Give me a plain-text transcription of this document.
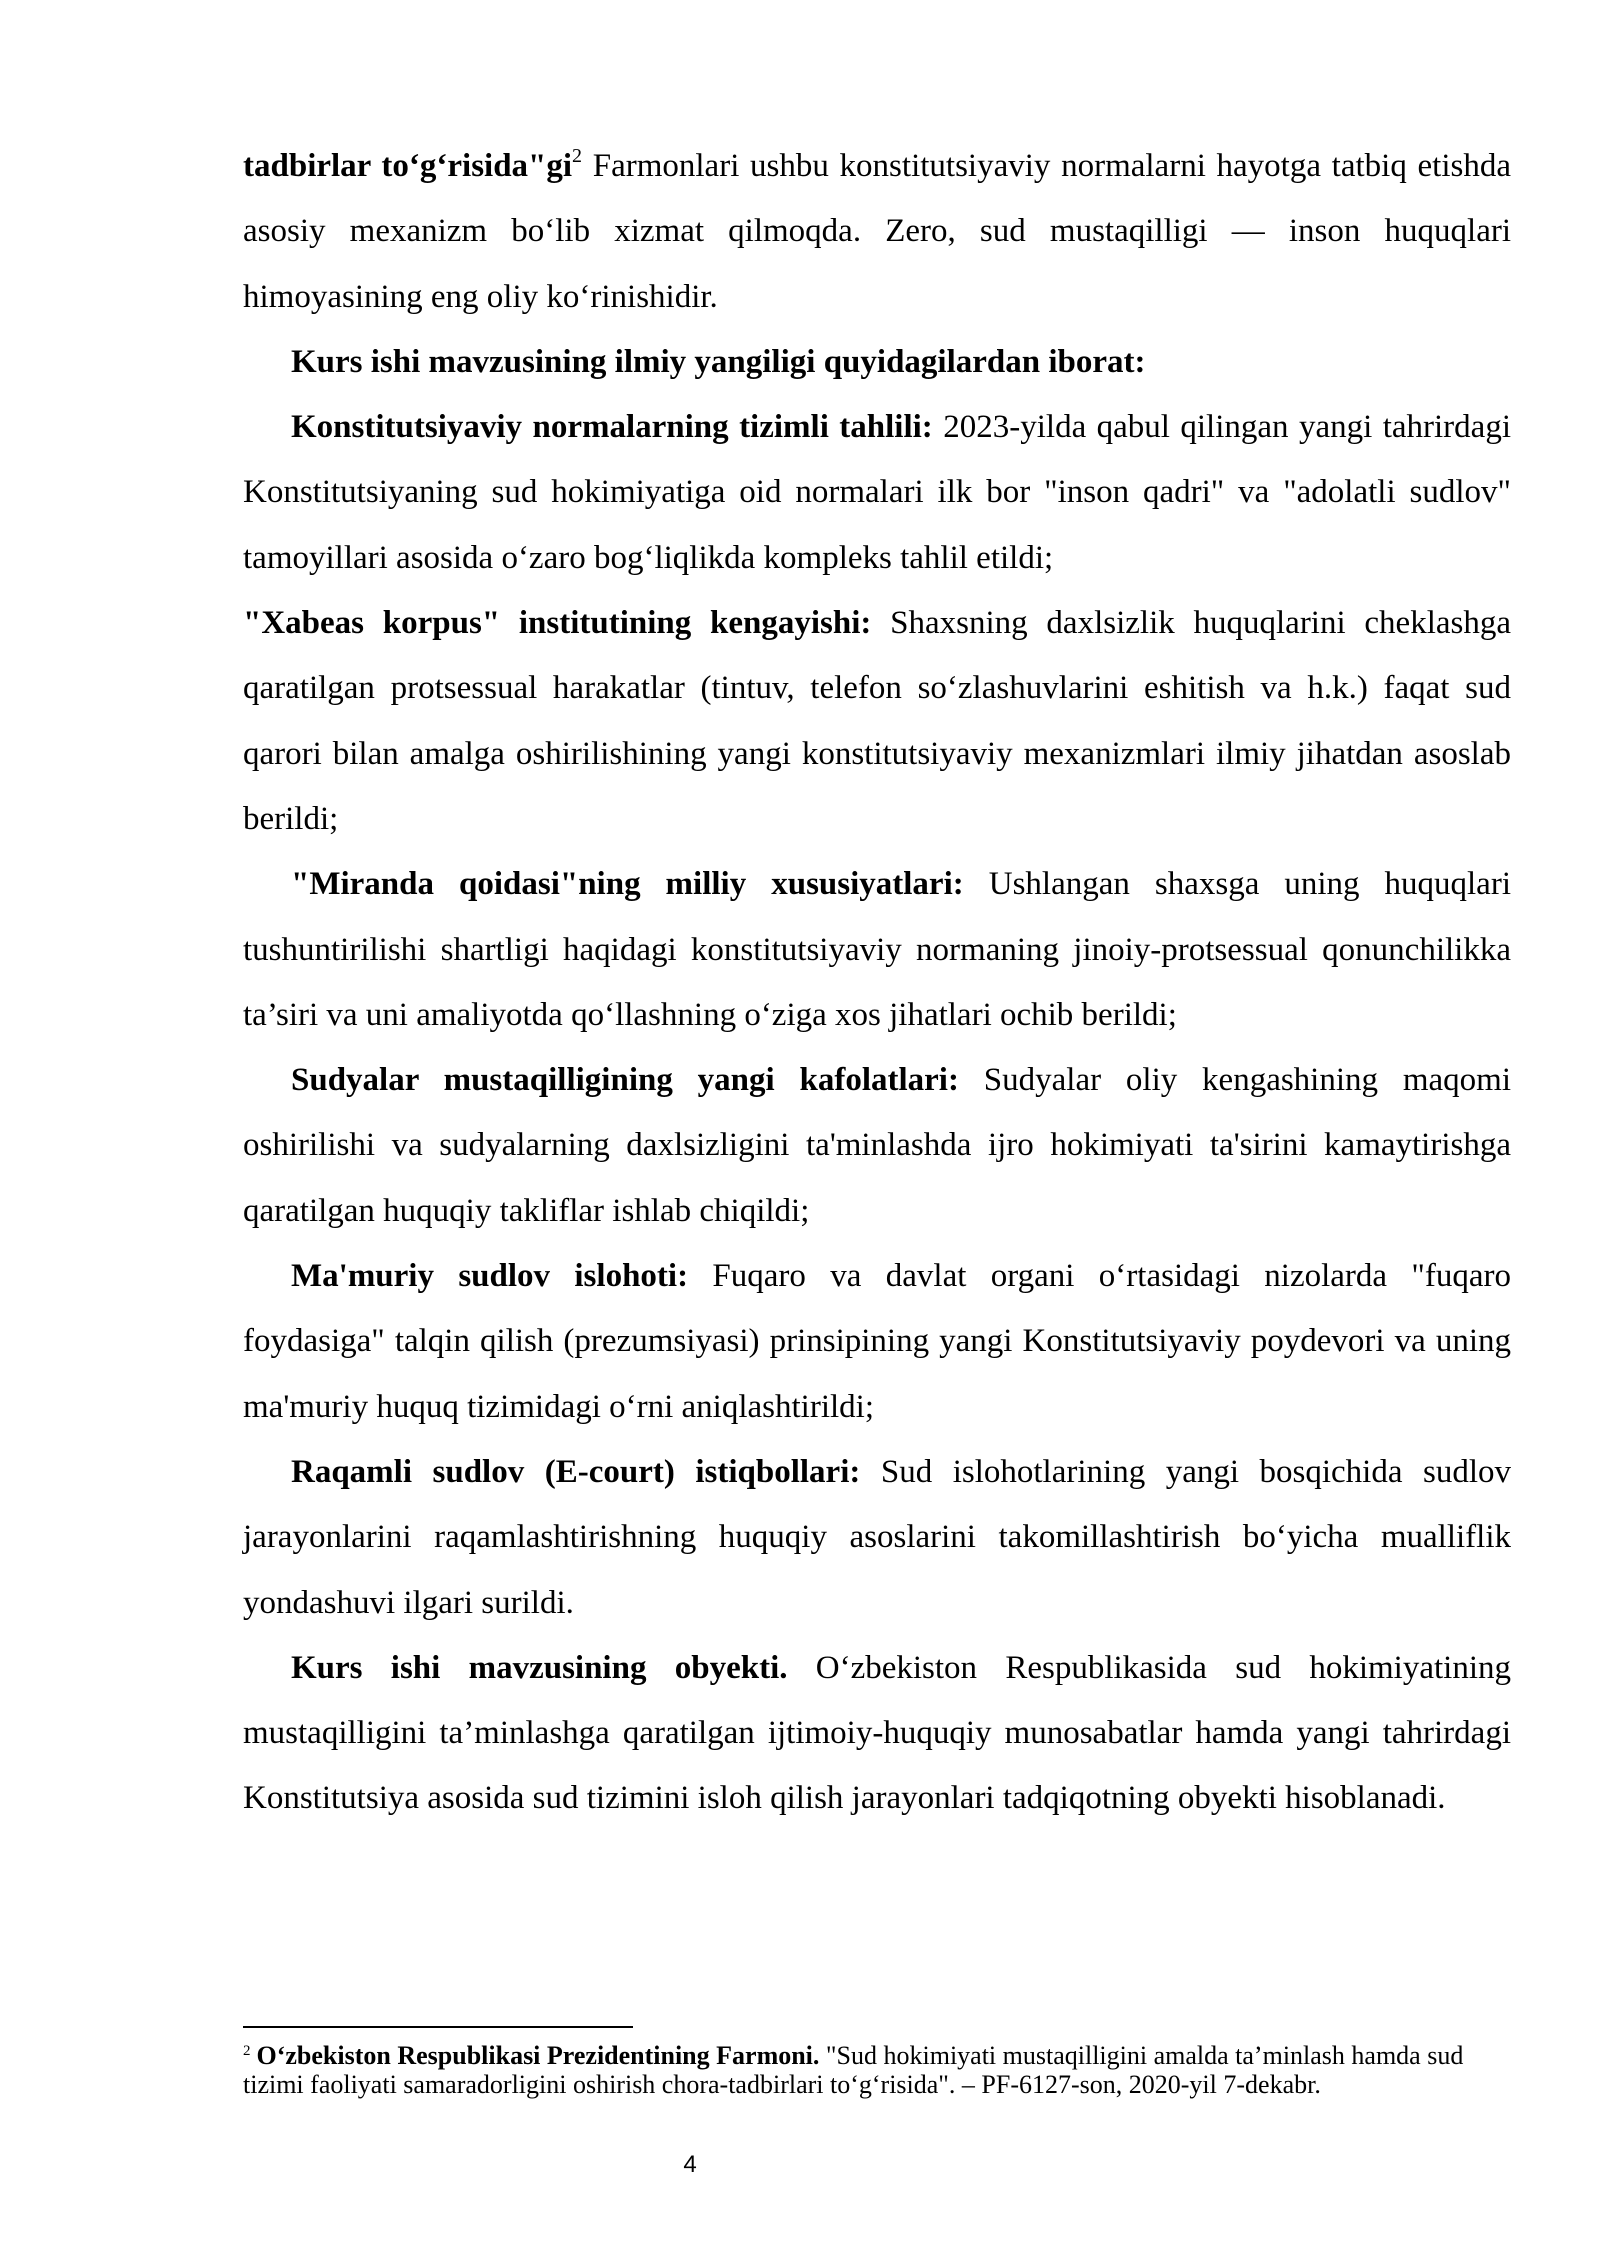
tadbirlar $to‘g‘risida"gi^2$ Farmonlari ushbu konstitutsiyaviy normalarni hayotga tatbiq etishda asosiy mexanizm bo‘lib xizmat qilmoqda. Zero, sud mustaqilligi — inson huquqlari himoyasining eng oliy ko‘rinishidir.

Kurs ishi mavzusining ilmiy yangiligi quyidagilardan iborat:

Konstitutsiyaviy normalarning tizimli tahlili: 2023-yilda qabul qilingan yangi tahrirdagi Konstitutsiyaning sud hokimiyatiga oid normalari ilk bor "inson qadri" va "adolatli sudlov" tamoyillari asosida o‘zaro bog‘liqlikda kompleks tahlil etildi;

"Xabeas korpus" institutining kengayishi: Shaxsning daxlsizlik huquqlarini cheklashga qaratilgan protsessual harakatlar (tintuv, telefon so‘zlashuvlarini eshitish va h.k.) faqat sud qarori bilan amalga oshirilishining yangi konstitutsiyaviy mexanizmlari ilmiy jihatdan asoslab berildi;

"Miranda qoidasi"ning milliy xususiyatlari: Ushlangan shaxsga uning huquqlari tushuntirilishi shartligi haqidagi konstitutsiyaviy normaning jinoiy-protsessual qonunchilikka ta’siri va uni amaliyotda qo‘llashning o‘ziga xos jihatlari ochib berildi;

Sudyalar mustaqilligining yangi kafolatlari: Sudyalar oliy kengashining maqomi oshirilishi va sudyalarning daxlsizligini ta'minlashda ijro hokimiyati ta'sirini kamaytirishga qaratilgan huquqiy takliflar ishlab chiqildi;

Ma'muriy sudlov islohoti: Fuqaro va davlat organi o‘rtasidagi nizolarda "fuqaro foydasiga" talqin qilish (prezumsiyasi) prinsipining yangi Konstitutsiyaviy poydevori va uning ma'muriy huquq tizimidagi o‘rni aniqlashtirildi;

Raqamli sudlov (E-court) istiqbollari: Sud islohotlarining yangi bosqichida sudlov jarayonlarini raqamlashtirishning huquqiy asoslarini takomillashtirish bo‘yicha mualliflik yondashuvi ilgari surildi.

Kurs ishi mavzusining obyekti. O‘zbekiston Respublikasida sud hokimiyatining mustaqilligini ta’minlashga qaratilgan ijtimoiy-huquqiy munosabatlar hamda yangi tahrirdagi Konstitutsiya asosida sud tizimini isloh qilish jarayonlari tadqiqotning obyekti hisoblanadi.

$^2$ O‘zbekiston Respublikasi Prezidentining Farmoni. "Sud hokimiyati mustaqilligini amalda ta’minlash hamda sud tizimi faoliyati samaradorligini oshirish chora-tadbirlari to‘g‘risida". – PF-6127-son, 2020-yil 7-dekabr.
4
